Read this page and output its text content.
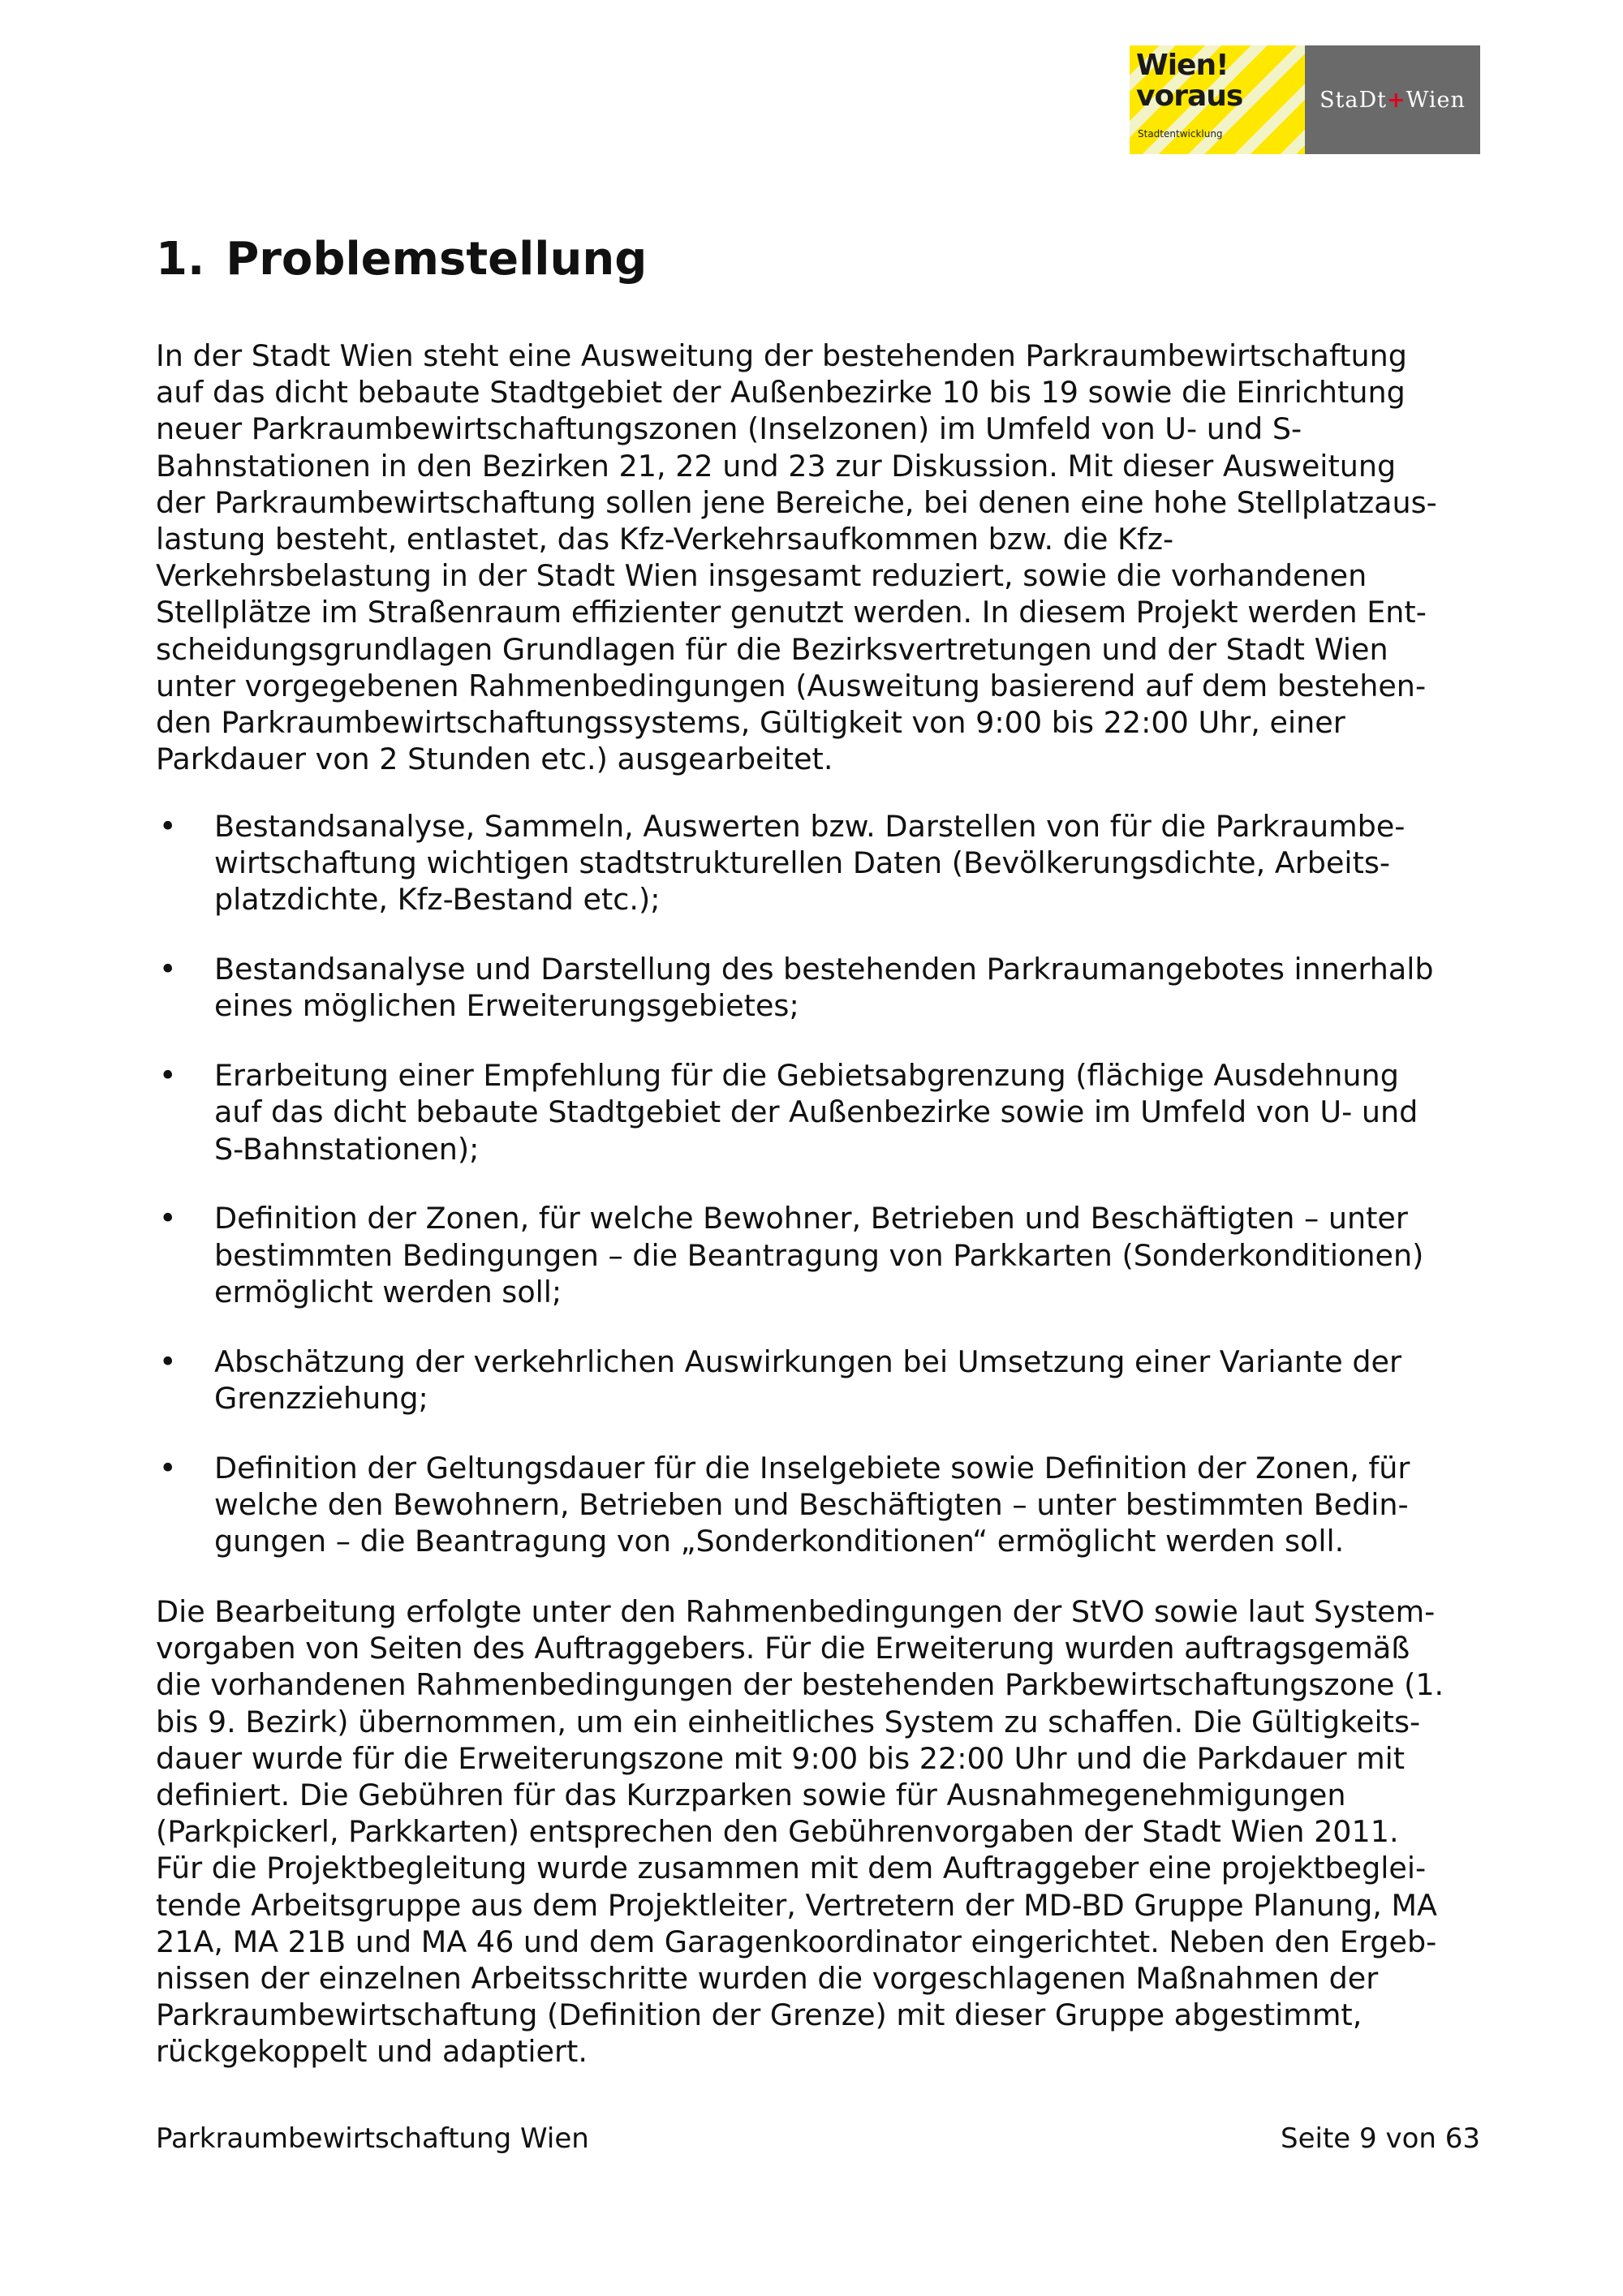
Wien!
voraus
Stadtentwicklung
StaDt+Wien
1. Problemstellung
In der Stadt Wien steht eine Ausweitung der bestehenden Parkraumbewirtschaftung
auf das dicht bebaute Stadtgebiet der Außenbezirke 10 bis 19 sowie die Einrichtung
neuer Parkraumbewirtschaftungszonen (Inselzonen) im Umfeld von U- und S-
Bahnstationen in den Bezirken 21, 22 und 23 zur Diskussion. Mit dieser Ausweitung
der Parkraumbewirtschaftung sollen jene Bereiche, bei denen eine hohe Stellplatzaus-
lastung besteht, entlastet, das Kfz-Verkehrsaufkommen bzw. die Kfz-
Verkehrsbelastung in der Stadt Wien insgesamt reduziert, sowie die vorhandenen
Stellplätze im Straßenraum effizienter genutzt werden. In diesem Projekt werden Ent-
scheidungsgrundlagen Grundlagen für die Bezirksvertretungen und der Stadt Wien
unter vorgegebenen Rahmenbedingungen (Ausweitung basierend auf dem bestehen-
den Parkraumbewirtschaftungssystems, Gültigkeit von 9:00 bis 22:00 Uhr, einer
Parkdauer von 2 Stunden etc.) ausgearbeitet.
• Bestandsanalyse, Sammeln, Auswerten bzw. Darstellen von für die Parkraumbe-
wirtschaftung wichtigen stadtstrukturellen Daten (Bevölkerungsdichte, Arbeits-
platzdichte, Kfz-Bestand etc.);
• Bestandsanalyse und Darstellung des bestehenden Parkraumangebotes innerhalb
eines möglichen Erweiterungsgebietes;
• Erarbeitung einer Empfehlung für die Gebietsabgrenzung (flächige Ausdehnung
auf das dicht bebaute Stadtgebiet der Außenbezirke sowie im Umfeld von U- und
S-Bahnstationen);
• Definition der Zonen, für welche Bewohner, Betrieben und Beschäftigten – unter
bestimmten Bedingungen – die Beantragung von Parkkarten (Sonderkonditionen)
ermöglicht werden soll;
• Abschätzung der verkehrlichen Auswirkungen bei Umsetzung einer Variante der
Grenzziehung;
• Definition der Geltungsdauer für die Inselgebiete sowie Definition der Zonen, für
welche den Bewohnern, Betrieben und Beschäftigten – unter bestimmten Bedin-
gungen – die Beantragung von „Sonderkonditionen“ ermöglicht werden soll.
Die Bearbeitung erfolgte unter den Rahmenbedingungen der StVO sowie laut System-
vorgaben von Seiten des Auftraggebers. Für die Erweiterung wurden auftragsgemäß
die vorhandenen Rahmenbedingungen der bestehenden Parkbewirtschaftungszone (1.
bis 9. Bezirk) übernommen, um ein einheitliches System zu schaffen. Die Gültigkeits-
dauer wurde für die Erweiterungszone mit 9:00 bis 22:00 Uhr und die Parkdauer mit
definiert. Die Gebühren für das Kurzparken sowie für Ausnahmegenehmigungen
(Parkpickerl, Parkkarten) entsprechen den Gebührenvorgaben der Stadt Wien 2011.
Für die Projektbegleitung wurde zusammen mit dem Auftraggeber eine projektbeglei-
tende Arbeitsgruppe aus dem Projektleiter, Vertretern der MD-BD Gruppe Planung, MA
21A, MA 21B und MA 46 und dem Garagenkoordinator eingerichtet. Neben den Ergeb-
nissen der einzelnen Arbeitsschritte wurden die vorgeschlagenen Maßnahmen der
Parkraumbewirtschaftung (Definition der Grenze) mit dieser Gruppe abgestimmt,
rückgekoppelt und adaptiert.
Parkraumbewirtschaftung Wien	Seite 9 von 63
